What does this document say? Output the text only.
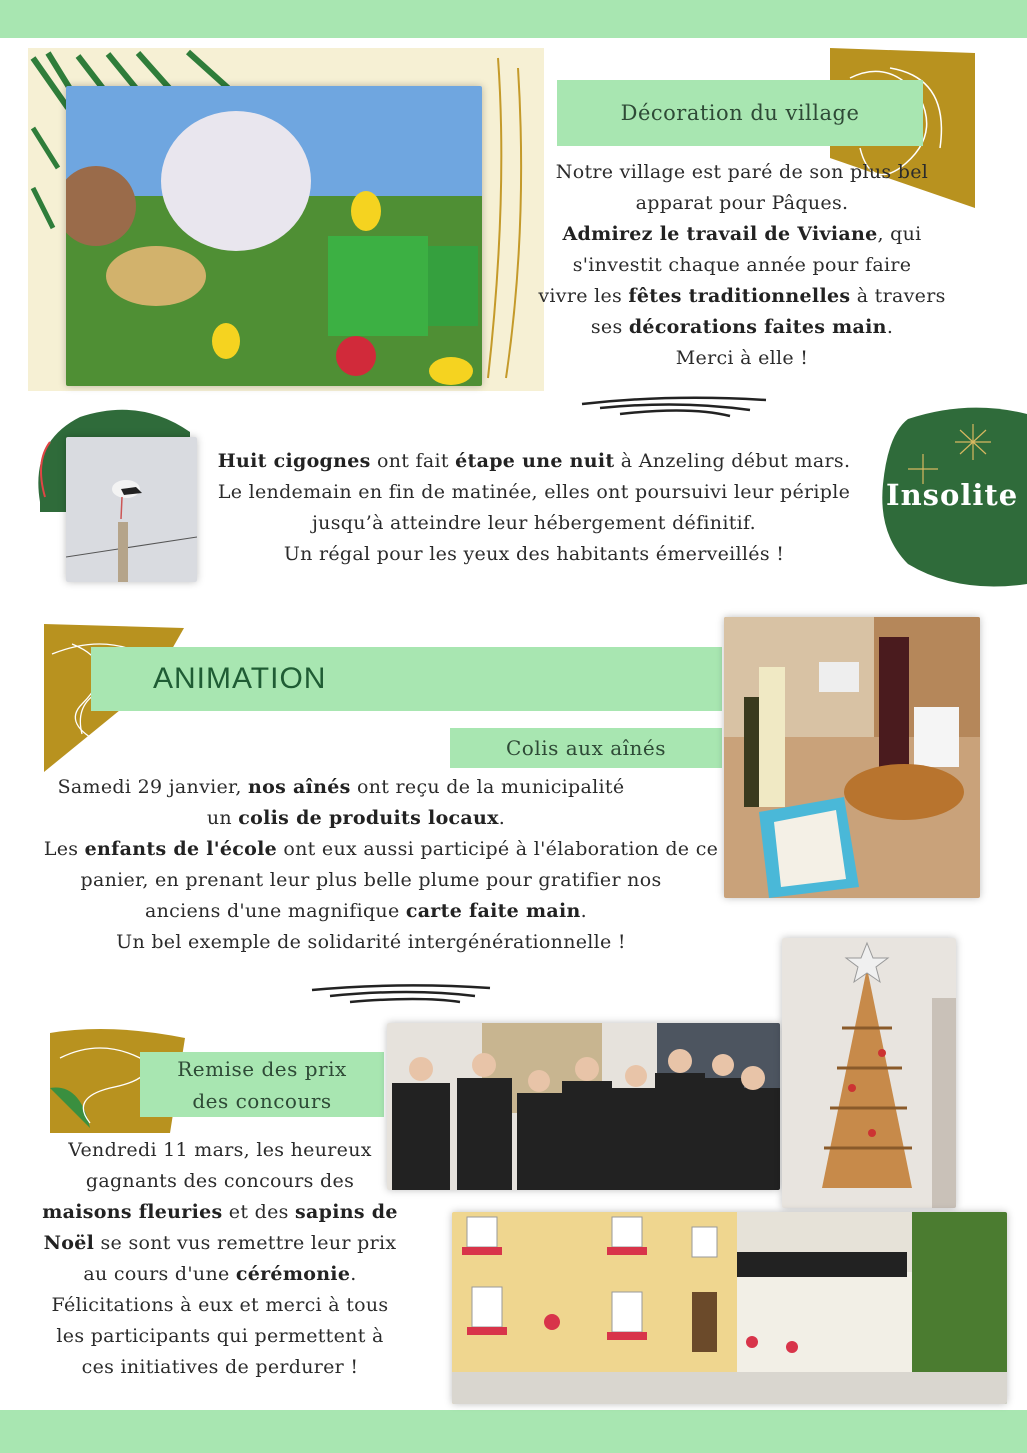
Décoration du village
Notre village est paré de son plus bel
apparat pour Pâques.
Admirez le travail de Viviane, qui
s'investit chaque année pour faire
vivre les fêtes traditionnelles à travers
ses décorations faites main.
Merci à elle !
Insolite
Huit cigognes ont fait étape une nuit à Anzeling début mars.
Le lendemain en fin de matinée, elles ont poursuivi leur périple
jusqu’à atteindre leur hébergement définitif.
Un régal pour les yeux des habitants émerveillés !
ANIMATION
Colis aux aînés
Samedi 29 janvier, nos aînés ont reçu de la municipalité
un colis de produits locaux.
Les enfants de l'école ont eux aussi participé à l'élaboration de ce
panier, en prenant leur plus belle plume pour gratifier nos
anciens d'une magnifique carte faite main.
Un bel exemple de solidarité intergénérationnelle !
Remise des prix
des concours
Vendredi 11 mars, les heureux
gagnants des concours des
maisons fleuries et des sapins de
Noël se sont vus remettre leur prix
au cours d'une cérémonie.
Félicitations à eux et merci à tous
les participants qui permettent à
ces initiatives de perdurer !
